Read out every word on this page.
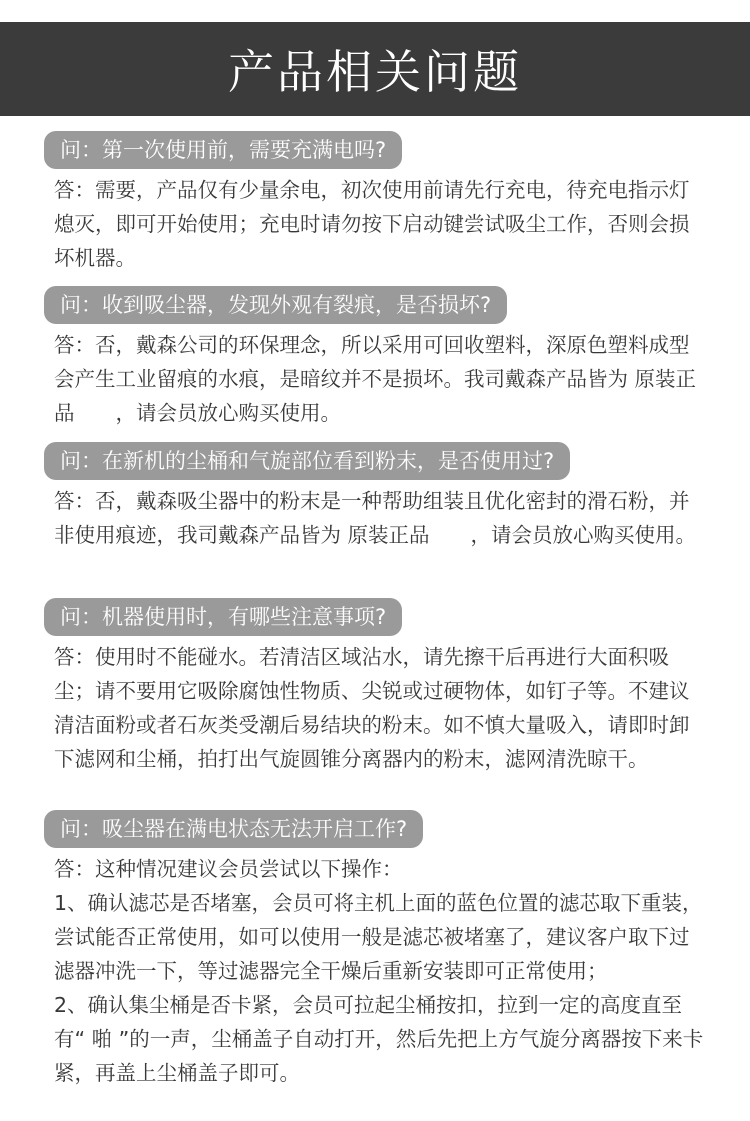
产品相关问题
问：第一次使用前，需要充满电吗?
答：需要，产品仅有少量余电，初次使用前请先行充电，待充电指示灯熄灭，即可开始使用；充电时请勿按下启动键尝试吸尘工作，否则会损坏机器。
问：收到吸尘器，发现外观有裂痕，是否损坏?
答：否，戴森公司的环保理念，所以采用可回收塑料，深原色塑料成型会产生工业留痕的水痕，是暗纹并不是损坏。我司戴森产品皆为 原装正品　　，请会员放心购买使用。
问：在新机的尘桶和气旋部位看到粉末，是否使用过?
答：否，戴森吸尘器中的粉末是一种帮助组装且优化密封的滑石粉，并非使用痕迹，我司戴森产品皆为 原装正品　　，请会员放心购买使用。
问：机器使用时，有哪些注意事项?
答：使用时不能碰水。若清洁区域沾水，请先擦干后再进行大面积吸尘；请不要用它吸除腐蚀性物质、尖锐或过硬物体，如钉子等。不建议清洁面粉或者石灰类受潮后易结块的粉末。如不慎大量吸入，请即时卸下滤网和尘桶，拍打出气旋圆锥分离器内的粉末，滤网清洗晾干。
问：吸尘器在满电状态无法开启工作?

答：这种情况建议会员尝试以下操作：

1、确认滤芯是否堵塞，会员可将主机上面的蓝色位置的滤芯取下重装，尝试能否正常使用，如可以使用一般是滤芯被堵塞了，建议客户取下过滤器冲洗一下，等过滤器完全干燥后重新安装即可正常使用；

2、确认集尘桶是否卡紧，会员可拉起尘桶按扣，拉到一定的高度直至有“ 啪 ”的一声，尘桶盖子自动打开，然后先把上方气旋分离器按下来卡紧，再盖上尘桶盖子即可。
